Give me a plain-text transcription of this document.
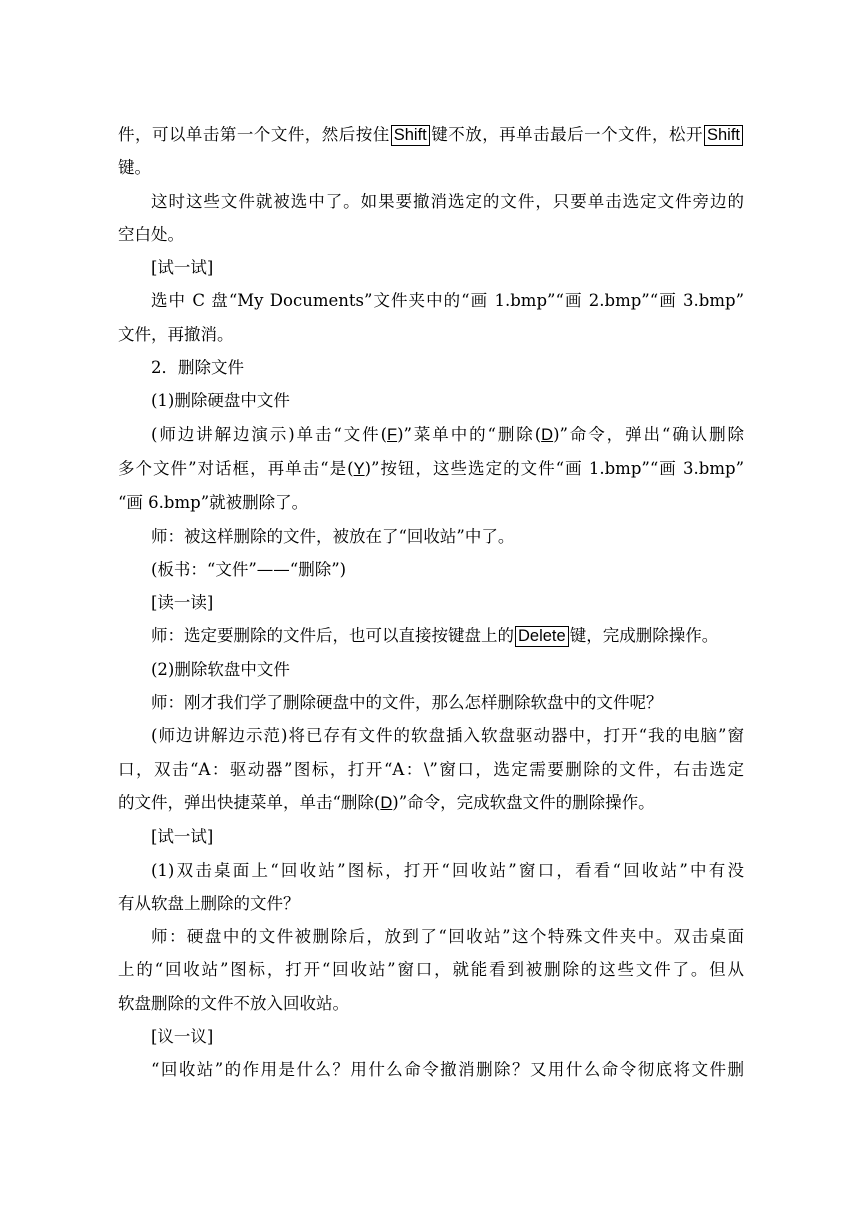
件，可以单击第一个文件，然后按住 Shift 键不放，再单击最后一个文件，松开 Shift

键。

这时这些文件就被选中了。如果要撤消选定的文件，只要单击选定文件旁边的

空白处。

[试一试]

选中 C 盘“My Documents”文件夹中的“画 1.bmp”“画 2.bmp”“画 3.bmp”

文件，再撤消。

2．删除文件

(1)删除硬盘中文件

(师边讲解边演示)单击“文件(F)”菜单中的“删除(D)”命令，弹出“确认删除

多个文件”对话框，再单击“是(Y)”按钮，这些选定的文件“画 1.bmp”“画 3.bmp”

“画 6.bmp”就被删除了。

师：被这样删除的文件，被放在了“回收站”中了。

(板书：“文件”——“删除”)

[读一读]

师：选定要删除的文件后，也可以直接按键盘上的 Delete键，完成删除操作。

(2)删除软盘中文件

师：刚才我们学了删除硬盘中的文件，那么怎样删除软盘中的文件呢？

(师边讲解边示范)将已存有文件的软盘插入软盘驱动器中，打开“我的电脑”窗

口，双击“A：驱动器”图标，打开“A：\”窗口，选定需要删除的文件，右击选定

的文件，弹出快捷菜单，单击“删除(D)”命令，完成软盘文件的删除操作。

[试一试]

(1)双击桌面上“回收站”图标，打开“回收站”窗口，看看“回收站”中有没

有从软盘上删除的文件？

师：硬盘中的文件被删除后，放到了“回收站”这个特殊文件夹中。双击桌面

上的“回收站”图标，打开“回收站”窗口，就能看到被删除的这些文件了。但从

软盘删除的文件不放入回收站。

[议一议]

“回收站”的作用是什么？用什么命令撤消删除？又用什么命令彻底将文件删
